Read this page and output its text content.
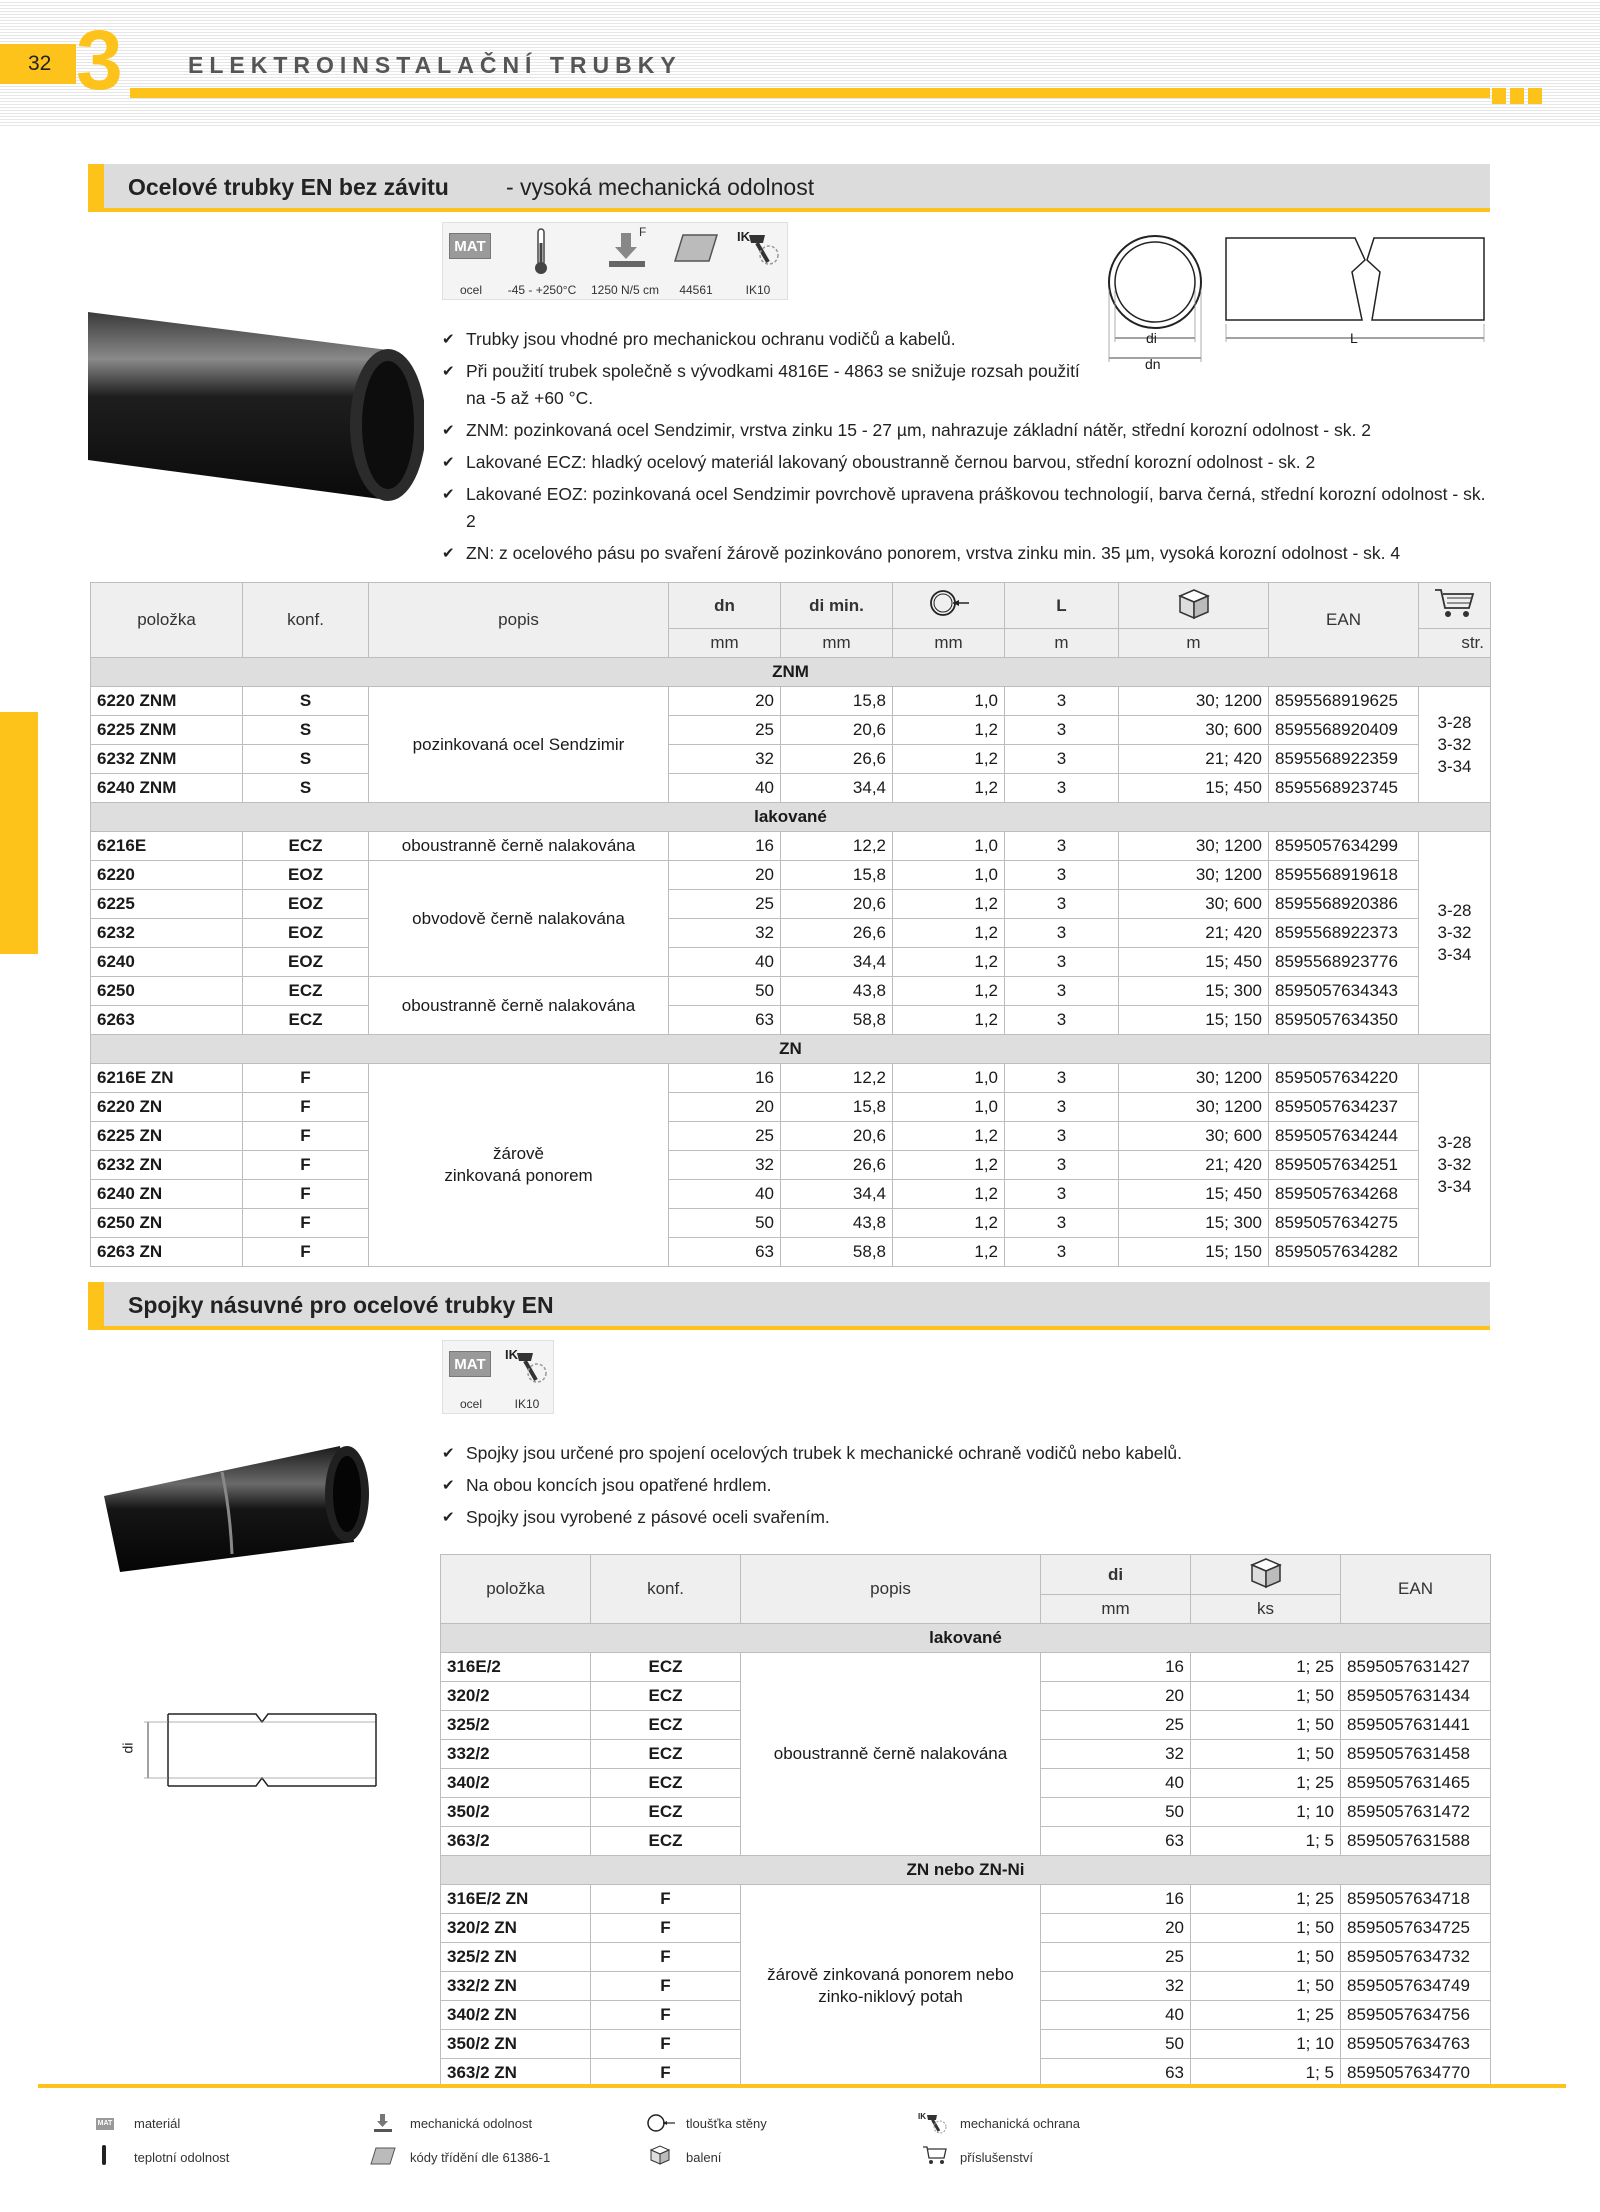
32 3	ELEKTROINSTALAČNÍ TRUBKY
Ocelové trubky EN bez závitu - vysoká mechanická odolnost
MAT
ocel	-45 - +250°C
F
1250 N/5 cm	44561
IK
IK10
di
dn
L
✔ Trubky jsou vhodné pro mechanickou ochranu vodičů a kabelů.
✔ Při použití trubek společně s vývodkami 4816E - 4863 se snižuje rozsah použití na -5 až +60 °C.
✔ ZNM: pozinkovaná ocel Sendzimir, vrstva zinku 15 - 27 µm, nahrazuje základní nátěr, střední korozní odolnost - sk. 2
✔ Lakované ECZ: hladký ocelový materiál lakovaný oboustranně černou barvou, střední korozní odolnost - sk. 2
✔ Lakované EOZ: pozinkovaná ocel Sendzimir povrchově upravena práškovou technologií, barva černá, střední korozní odolnost - sk. 2
✔ ZN: z ocelového pásu po svaření žárově pozinkováno ponorem, vrstva zinku min. 35 µm, vysoká korozní odolnost - sk. 4
položka	konf.	popis	dn	di min.		L		EAN	
			mm	mm	mm	m	m		str.
ZNM									
6220 ZNM	S	pozinkovaná ocel Sendzimir	20	15,8	1,0	3	30; 1200	8595568919625	3-28
3-32
3-34
6225 ZNM	S		25	20,6	1,2	3	30; 600	8595568920409	
6232 ZNM	S		32	26,6	1,2	3	21; 420	8595568922359	
6240 ZNM	S		40	34,4	1,2	3	15; 450	8595568923745	
lakované									
6216E	ECZ	oboustranně černě nalakována	16	12,2	1,0	3	30; 1200	8595057634299	3-28
3-32
3-34
6220	EOZ	obvodově černě nalakována	20	15,8	1,0	3	30; 1200	8595568919618	
6225	EOZ		25	20,6	1,2	3	30; 600	8595568920386	
6232	EOZ		32	26,6	1,2	3	21; 420	8595568922373	
6240	EOZ		40	34,4	1,2	3	15; 450	8595568923776	
6250	ECZ	oboustranně černě nalakována	50	43,8	1,2	3	15; 300	8595057634343	
6263	ECZ		63	58,8	1,2	3	15; 150	8595057634350	
ZN									
6216E ZN	F	žárově
zinkovaná ponorem	16	12,2	1,0	3	30; 1200	8595057634220	3-28
3-32
3-34
6220 ZN	F		20	15,8	1,0	3	30; 1200	8595057634237	
6225 ZN	F		25	20,6	1,2	3	30; 600	8595057634244	
6232 ZN	F		32	26,6	1,2	3	21; 420	8595057634251	
6240 ZN	F		40	34,4	1,2	3	15; 450	8595057634268	
6250 ZN	F		50	43,8	1,2	3	15; 300	8595057634275	
6263 ZN	F		63	58,8	1,2	3	15; 150	8595057634282	
Spojky násuvné pro ocelové trubky EN
MAT
ocel
IK
IK10
di
✔ Spojky jsou určené pro spojení ocelových trubek k mechanické ochraně vodičů nebo kabelů.
✔ Na obou koncích jsou opatřené hrdlem.
✔ Spojky jsou vyrobené z pásové oceli svařením.
položka	konf.	popis	di		EAN
			mm	ks	
lakované					
316E/2	ECZ	oboustranně černě nalakována	16	1; 25	8595057631427
320/2	ECZ		20	1; 50	8595057631434
325/2	ECZ		25	1; 50	8595057631441
332/2	ECZ		32	1; 50	8595057631458
340/2	ECZ		40	1; 25	8595057631465
350/2	ECZ		50	1; 10	8595057631472
363/2	ECZ		63	1; 5	8595057631588
ZN nebo ZN-Ni					
316E/2 ZN	F	žárově zinkovaná ponorem nebo zinko-niklový potah	16	1; 25	8595057634718
320/2 ZN	F		20	1; 50	8595057634725
325/2 ZN	F		25	1; 50	8595057634732
332/2 ZN	F		32	1; 50	8595057634749
340/2 ZN	F		40	1; 25	8595057634756
350/2 ZN	F		50	1; 10	8595057634763
363/2 ZN	F		63	1; 5	8595057634770
MAT materiál	mechanická odolnost	tloušťka stěny	IK	mechanická ochrana
teplotní odolnost	kódy třídění dle 61386-1	balení	příslušenství
